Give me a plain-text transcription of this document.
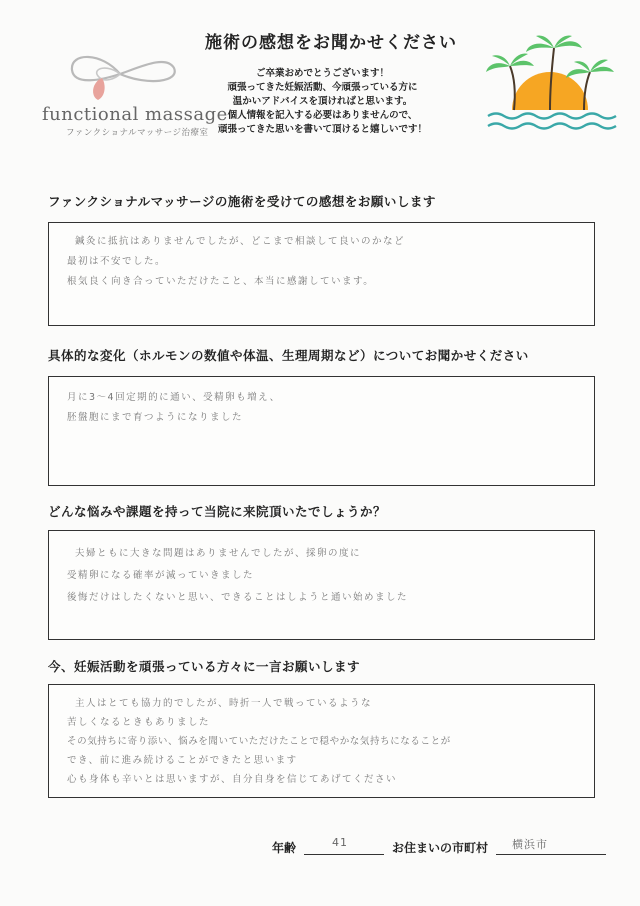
functional massage
ファンクショナルマッサージ治療室
施術の感想をお聞かせください
ご卒業おめでとうございます！
頑張ってきた妊娠活動、今頑張っている方に
温かいアドバイスを頂ければと思います。
個人情報を記入する必要はありませんので、
頑張ってきた思いを書いて頂けると嬉しいです！
ファンクショナルマッサージの施術を受けての感想をお願いします
鍼灸に抵抗はありませんでしたが、どこまで相談して良いのかなど
最初は不安でした。
根気良く向き合っていただけたこと、本当に感謝しています。
具体的な変化（ホルモンの数値や体温、生理周期など）についてお聞かせください
月に3〜4回定期的に通い、受精卵も増え、
胚盤胞にまで育つようになりました
どんな悩みや課題を持って当院に来院頂いたでしょうか？
夫婦ともに大きな問題はありませんでしたが、採卵の度に
受精卵になる確率が減っていきました
後悔だけはしたくないと思い、できることはしようと通い始めました
今、妊娠活動を頑張っている方々に一言お願いします
主人はとても協力的でしたが、時折一人で戦っているような
苦しくなるときもありました
その気持ちに寄り添い、悩みを聞いていただけたことで穏やかな気持ちになることが
でき、前に進み続けることができたと思います
心も身体も辛いとは思いますが、自分自身を信じてあげてください
年齢	41	お住まいの市町村 横浜市
